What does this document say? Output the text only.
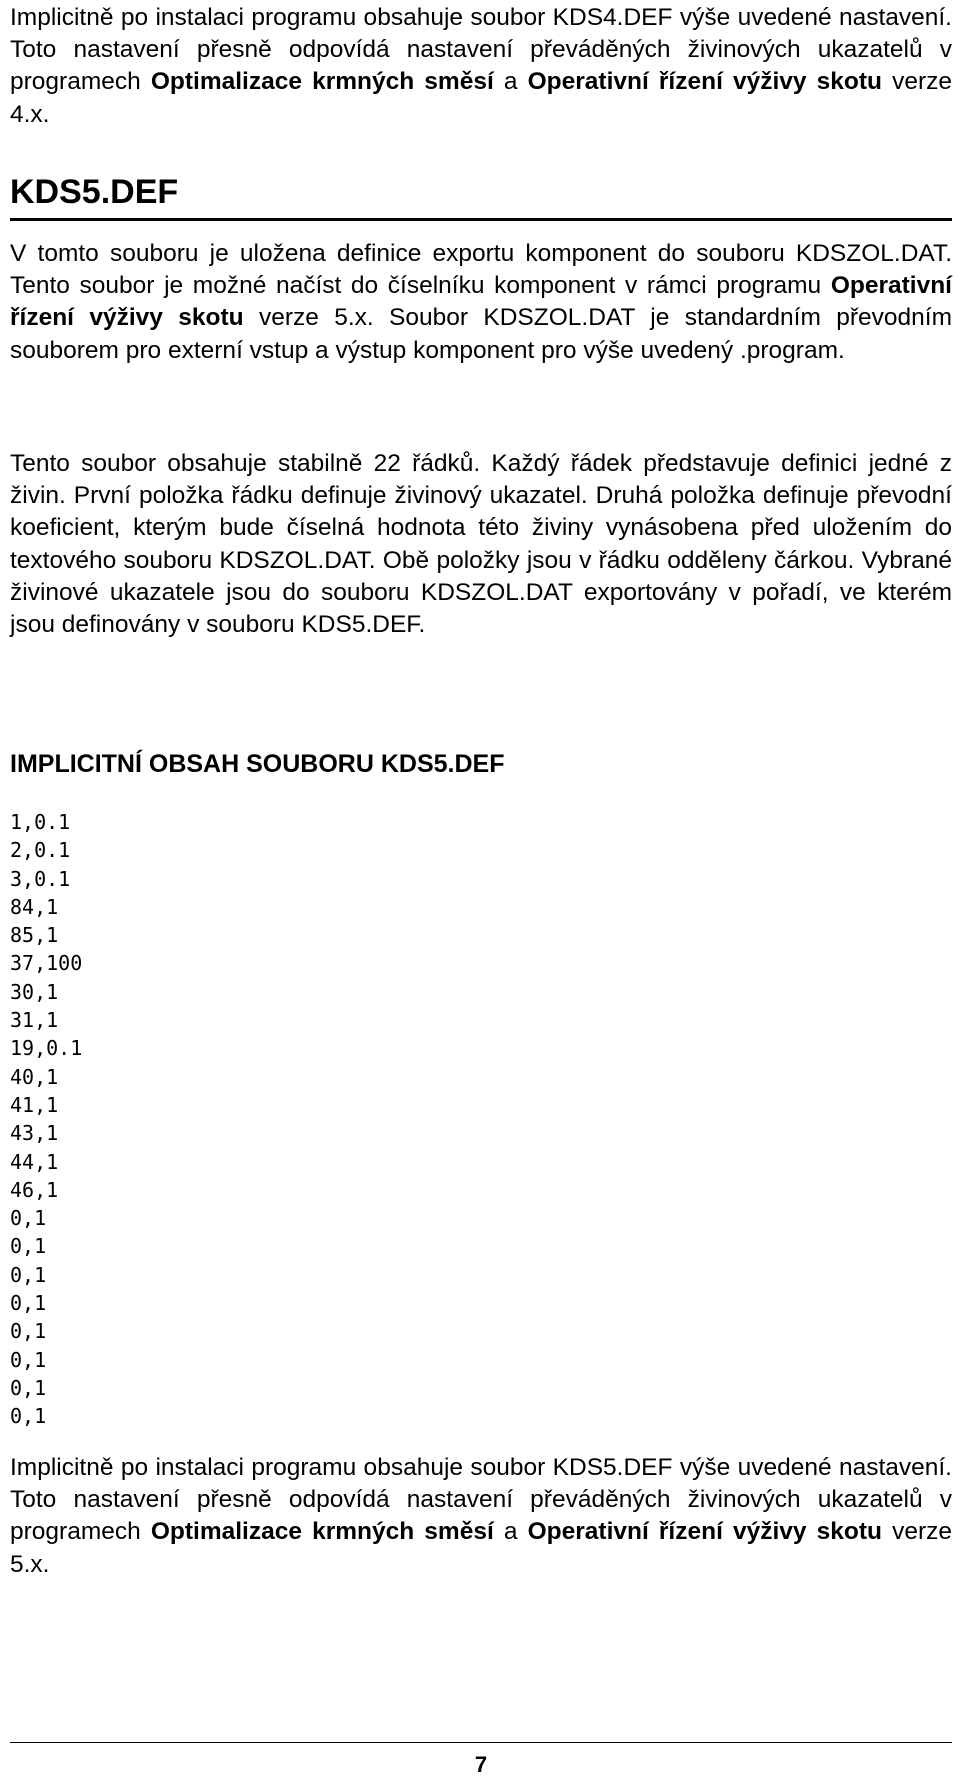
Implicitně po instalaci programu obsahuje soubor KDS4.DEF výše uvedené nastavení. Toto nastavení přesně odpovídá nastavení převáděných živinových ukazatelů v programech Optimalizace krmných směsí a Operativní řízení výživy skotu verze 4.x.

KDS5.DEF

V tomto souboru je uložena definice exportu komponent do souboru KDSZOL.DAT. Tento soubor je možné načíst do číselníku komponent v rámci programu Operativní řízení výživy skotu verze 5.x. Soubor KDSZOL.DAT je standardním převodním souborem pro externí vstup a výstup komponent pro výše uvedený .program.

Tento soubor obsahuje stabilně 22 řádků. Každý řádek představuje definici jedné z živin. První položka řádku definuje živinový ukazatel. Druhá položka definuje převodní koeficient, kterým bude číselná hodnota této živiny vynásobena před uložením do textového souboru KDSZOL.DAT. Obě položky jsou v řádku odděleny čárkou. Vybrané živinové ukazatele jsou do souboru KDSZOL.DAT exportovány v pořadí, ve kterém jsou definovány v souboru KDS5.DEF.

IMPLICITNÍ OBSAH SOUBORU KDS5.DEF
1,0.1
2,0.1
3,0.1
84,1
85,1
37,100
30,1
31,1
19,0.1
40,1
41,1
43,1
44,1
46,1
0,1
0,1
0,1
0,1
0,1
0,1
0,1
0,1

Implicitně po instalaci programu obsahuje soubor KDS5.DEF výše uvedené nastavení. Toto nastavení přesně odpovídá nastavení převáděných živinových ukazatelů v programech Optimalizace krmných směsí a Operativní řízení výživy skotu verze 5.x.

7
